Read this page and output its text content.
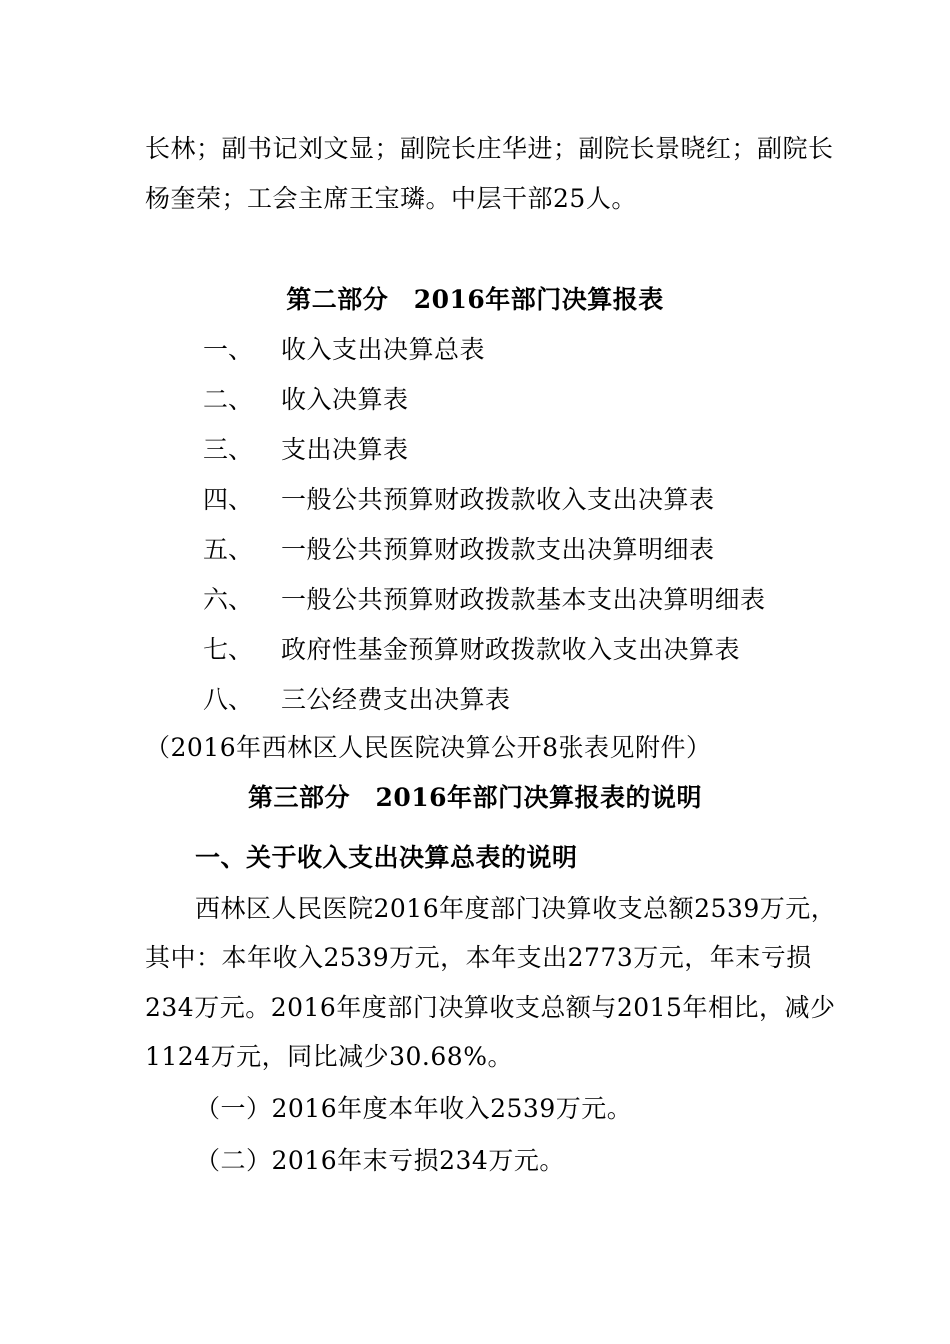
长林；副书记刘文显；副院长庄华进；副院长景晓红；副院长
杨奎荣；工会主席王宝璘。中层干部25人。
第二部分　2016年部门决算报表
一、 收入支出决算总表
二、 收入决算表
三、 支出决算表
四、 一般公共预算财政拨款收入支出决算表
五、 一般公共预算财政拨款支出决算明细表
六、 一般公共预算财政拨款基本支出决算明细表
七、 政府性基金预算财政拨款收入支出决算表
八、 三公经费支出决算表
（2016年西林区人民医院决算公开8张表见附件）
第三部分　2016年部门决算报表的说明
一、关于收入支出决算总表的说明
西林区人民医院2016年度部门决算收支总额2539万元，
其中：本年收入2539万元，本年支出2773万元，年末亏损
234万元。2016年度部门决算收支总额与2015年相比，减少
1124万元，同比减少30.68%。
（一）2016年度本年收入2539万元。
（二）2016年末亏损234万元。
